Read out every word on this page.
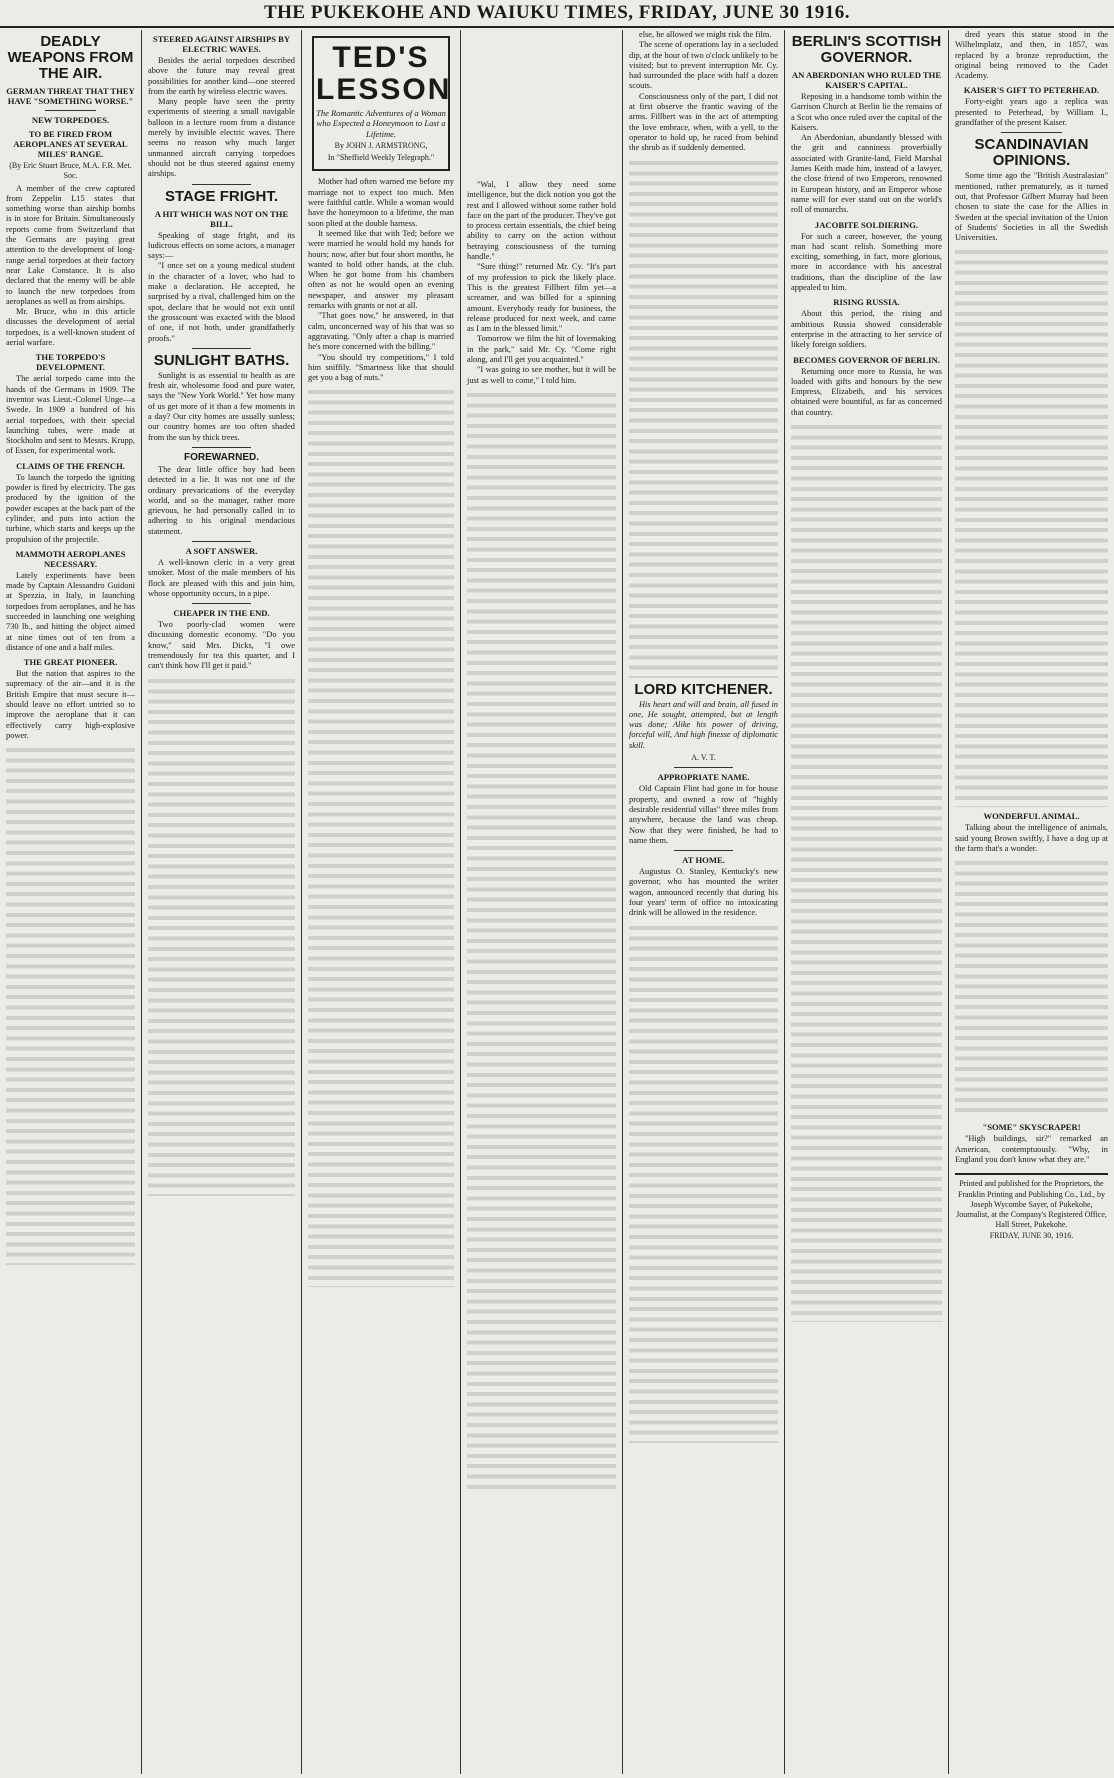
THE PUKEKOHE AND WAIUKU TIMES, FRIDAY, JUNE 30 1916.
DEADLY WEAPONS FROM THE AIR.
GERMAN THREAT THAT THEY HAVE "SOMETHING WORSE."
NEW TORPEDOES.
TO BE FIRED FROM AEROPLANES AT SEVERAL MILES' RANGE.
(By Eric Stuart Bruce, M.A. F.R. Met. Soc.

A member of the crew captured from Zeppelin L15 states that something worse than airship bombs is in store for Britain. Simultaneously reports come from Switzerland that the Germans are paying great attention to the development of long-range aerial torpedoes at their factory near Lake Constance. It is also declared that the enemy will be able to launch the new torpedoes from aeroplanes as well as from airships.

Mr. Bruce, who in this article discusses the development of aerial torpedoes, is a well-known student of aerial warfare.

THE TORPEDO'S DEVELOPMENT.

The aerial torpedo came into the hands of the Germans in 1909. The inventor was Lieut.-Colonel Unge—a Swede. In 1909 a hundred of his aerial torpedoes, with their special launching tubes, were made at Stockholm and sent to Messrs. Krupp, of Essen, for experimental work.

CLAIMS OF THE FRENCH.

To launch the torpedo the igniting powder is fired by electricity. The gas produced by the ignition of the powder escapes at the back part of the cylinder, and puts into action the turbine, which starts and keeps up the propulsion of the projectile.

MAMMOTH AEROPLANES NECESSARY.

Lately experiments have been made by Captain Alessandro Guidoni at Spezzia, in Italy, in launching torpedoes from aeroplanes, and he has succeeded in launching one weighing 730 lb., and hitting the object aimed at nine times out of ten from a distance of one and a half miles.

THE GREAT PIONEER.

But the nation that aspires to the supremacy of the air—and it is the British Empire that must secure it—should leave no effort untried so to improve the aeroplane that it can effectively carry high-explosive power.

STEERED AGAINST AIRSHIPS BY ELECTRIC WAVES.

Besides the aerial torpedoes described above the future may reveal great possibilities for another kind—one steered from the earth by wireless electric waves.

Many people have seen the pretty experiments of steering a small navigable balloon in a lecture room from a distance merely by invisible electric waves. There seems no reason why much larger unmanned aircraft carrying torpedoes should not be thus steered against enemy airships.

STAGE FRIGHT.
A HIT WHICH WAS NOT ON THE BILL.

Speaking of stage fright, and its ludicrous effects on some actors, a manager says:—

"I once set on a young medical student in the character of a lover, who had to make a declaration. He accepted, he surprised by a rival, challenged him on the spot, declare that he would not exit until the grosscount was exacted with the blood of one, if not both, under grandfatherly proofs."

SUNLIGHT BATHS.

Sunlight is as essential to health as are fresh air, wholesome food and pure water, says the "New York World." Yet how many of us get more of it than a few moments in a day? Our city homes are usually sunless; our country homes are too often shaded from the sun by thick trees.

FOREWARNED.

The dear little office boy had been detected in a lie. It was not one of the ordinary prevarications of the everyday world, and so the manager, rather more grievous, he had personally called in to adhering to his original mendacious statement.

A SOFT ANSWER.

A well-known cleric in a very great smoker. Most of the male members of his flock are pleased with this and join him, whose opportunity occurs, in a pipe.

CHEAPER IN THE END.

Two poorly-clad women were discussing domestic economy. "Do you know," said Mrs. Dicks, "I owe tremendously for tea this quarter, and I can't think how I'll get it paid."

TED'S LESSON
The Romantic Adventures of a Woman who Expected a Honeymoon to Last a Lifetime.
By JOHN J. ARMSTRONG,
In "Sheffield Weekly Telegraph."

Mother had often warned me before my marriage not to expect too much. Men were faithful cattle. While a woman would have the honeymoon to a lifetime, the man soon plied at the double harness.

It seemed like that with Ted; before we were married he would hold my hands for hours; now, after but four short months, he wanted to hold other hands, at the club. When he got home from his chambers often as not he would open an evening newspaper, and answer my pleasant remarks with grunts or not at all.

"That goes now," he answered, in that calm, unconcerned way of his that was so aggravating. "Only after a chap is married he's more concerned with the billing."

"You should try competitions," I told him sniffily. "Smartness like that should get you a bag of nuts."

"Wal, I allow they need some intelligence, but the dick notion you got the rest and I allowed without some rather bold face on the part of the producer. They've got to process certain essentials, the chief being ability to carry on the action without betraying consciousness of the turning handle."

"Sure thing!" returned Mr. Cy. "It's part of my profession to pick the likely place. This is the greatest Fillbert film yet—a screamer, and was billed for a spinning amount. Everybody ready for business, the release produced for next week, and came as I am in the blessed limit."

Tomorrow we film the hit of lovemaking in the park," said Mr. Cy. "Come right along, and I'll get you acquainted."

"I was going to see mother, but it will be just as well to come," I told him.

else, he allowed we might risk the film.

The scene of operations lay in a secluded dip, at the hour of two o'clock unlikely to be visited; but to prevent interruption Mr. Cy. had surrounded the place with half a dozen scouts.

Consciousness only of the part, I did not at first observe the frantic waving of the arms. Fillbert was in the act of attempting the love embrace, when, with a yell, to the operator to hold up, he raced from behind the shrub as if suddenly demented.

LORD KITCHENER.

His heart and will and brain, all fused in one, He sought, attempted, but at length was done; Alike his power of driving, forceful will, And high finesse of diplomatic skill.

A. V. T.
APPROPRIATE NAME.

Old Captain Flint had gone in for house property, and owned a row of "highly desirable residential villas" three miles from anywhere, because the land was cheap. Now that they were finished, he had to name them.

AT HOME.

Augustus O. Stanley, Kentucky's new governor, who has mounted the writer wagon, announced recently that during his four years' term of office no intoxicating drink will be allowed in the residence.

BERLIN'S SCOTTISH GOVERNOR.
AN ABERDONIAN WHO RULED THE KAISER'S CAPITAL.

Reposing in a handsome tomb within the Garrison Church at Berlin lie the remains of a Scot who once ruled over the capital of the Kaisers.

An Aberdonian, abundantly blessed with the grit and canniness proverbially associated with Granite-land, Field Marshal James Keith made him, instead of a lawyer, the close friend of two Emperors, renowned in European history, and an Emperor whose name will for ever stand out on the world's roll of monarchs.

JACOBITE SOLDIERING.

For such a career, however, the young man had scant relish. Something more exciting, something, in fact, more glorious, more in accordance with his ancestral traditions, than the discipline of the law appealed to him.

RISING RUSSIA.

About this period, the rising and ambitious Russia showed considerable enterprise in the attracting to her service of likely foreign soldiers.

BECOMES GOVERNOR OF BERLIN.

Returning once more to Russia, he was loaded with gifts and honours by the new Empress, Elizabeth, and his services obtained were bountiful, as far as concerned that country.

dred years this statue stood in the Wilhelmplatz, and then, in 1857, was replaced by a bronze reproduction, the original being removed to the Cadet Academy.

KAISER'S GIFT TO PETERHEAD.

Forty-eight years ago a replica was presented to Peterhead, by William I., grandfather of the present Kaiser.

SCANDINAVIAN OPINIONS.

Some time ago the "British Australasian" mentioned, rather prematurely, as it turned out, that Professor Gilbert Murray had been chosen to state the case for the Allies in Sweden at the special invitation of the Union of Students' Societies in all the Swedish Universities.

WONDERFUL ANIMAL.

Talking about the intelligence of animals, said young Brown swiftly, I have a dog up at the farm that's a wonder.

"SOME" SKYSCRAPER!

"High buildings, sir?" remarked an American, contemptuously. "Why, in England you don't know what they are."

Printed and published for the Proprietors, the Franklin Printing and Publishing Co., Ltd., by Joseph Wycombe Sayer, of Pukekohe, Journalist, at the Company's Registered Office, Hall Street, Pukekohe.
FRIDAY, JUNE 30, 1916.
